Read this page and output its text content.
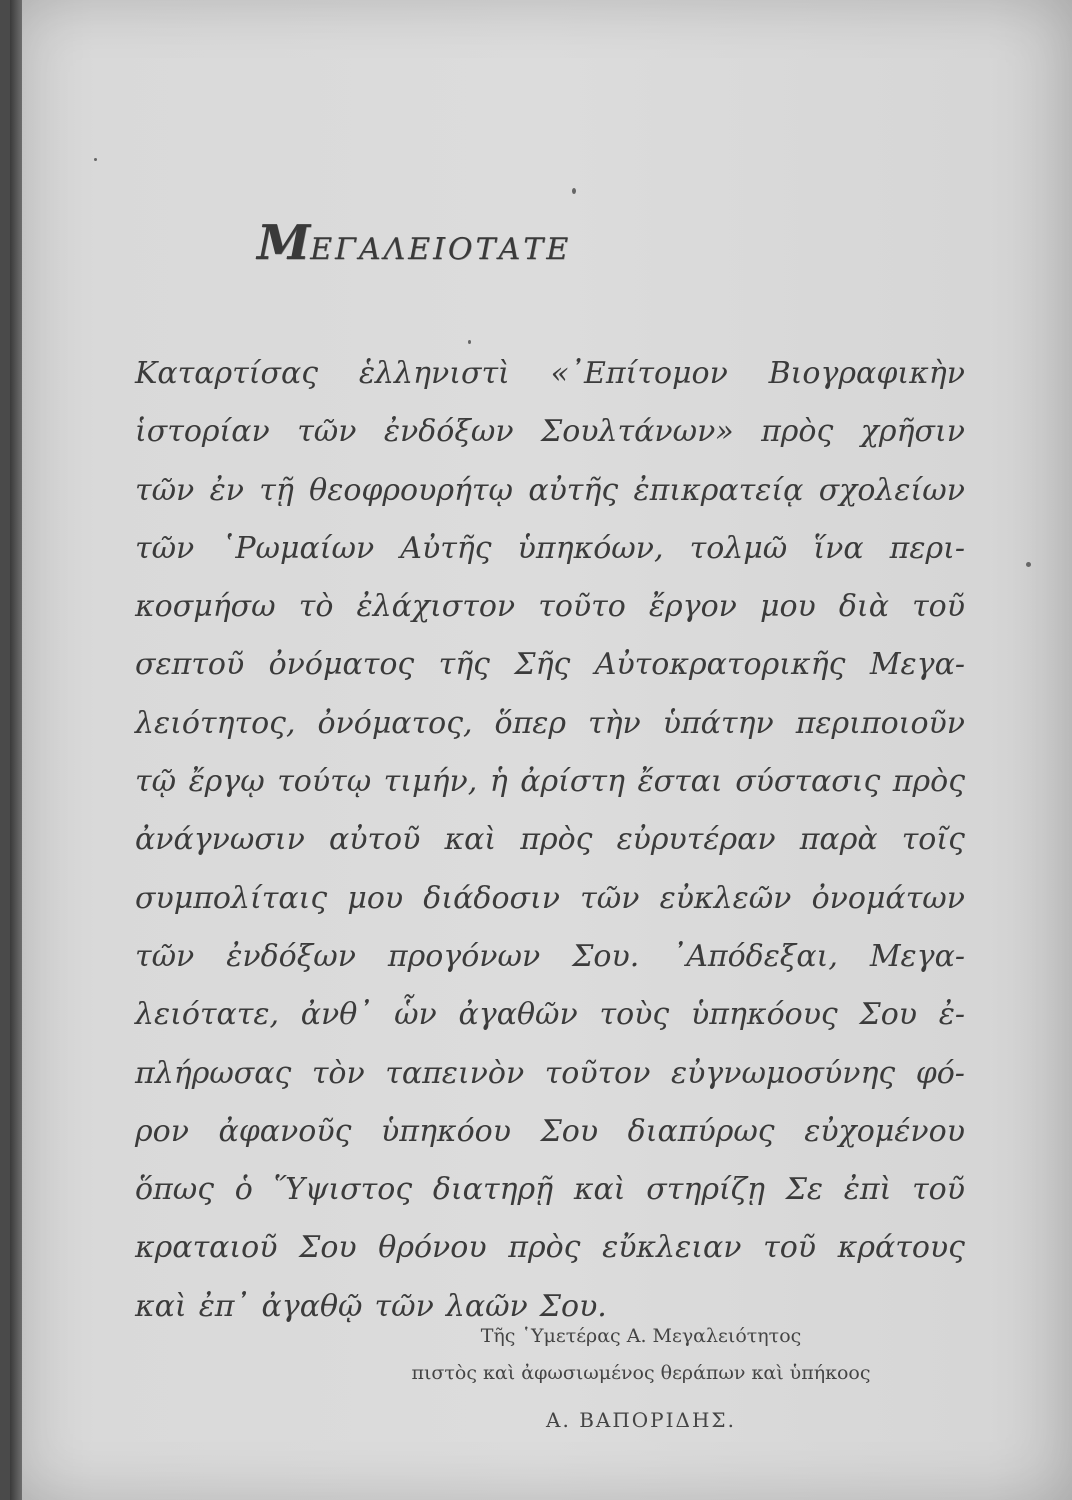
ΜΕΓΑΛΕΙΟΤΑΤΕ
Καταρτίσας ἑλληνιστὶ «᾿Επίτομον Βιογραφικὴν
ἱστορίαν τῶν ἐνδόξων Σουλτάνων» πρὸς χρῆσιν
τῶν ἐν τῇ θεοφρουρήτῳ αὐτῆς ἐπικρατείᾳ σχολείων
τῶν ῾Ρωμαίων Αὐτῆς ὑπηκόων, τολμῶ ἵνα περι-
κοσμήσω τὸ ἐλάχιστον τοῦτο ἔργον μου διὰ τοῦ
σεπτοῦ ὀνόματος τῆς Σῆς Αὐτοκρατορικῆς Μεγα-
λειότητος, ὀνόματος, ὅπερ τὴν ὑπάτην περιποιοῦν
τῷ ἔργῳ τούτῳ τιμήν, ἡ ἀρίστη ἔσται σύστασις πρὸς
ἀνάγνωσιν αὐτοῦ καὶ πρὸς εὐρυτέραν παρὰ τοῖς
συμπολίταις μου διάδοσιν τῶν εὐκλεῶν ὀνομάτων
τῶν ἐνδόξων προγόνων Σου. ᾿Απόδεξαι, Μεγα-
λειότατε, ἀνθ᾿ ὧν ἀγαθῶν τοὺς ὑπηκόους Σου ἐ-
πλήρωσας τὸν ταπεινὸν τοῦτον εὐγνωμοσύνης φό-
ρον ἀφανοῦς ὑπηκόου Σου διαπύρως εὐχομένου
ὅπως ὁ Ὕψιστος διατηρῇ καὶ στηρίζῃ Σε ἐπὶ τοῦ
κραταιοῦ Σου θρόνου πρὸς εὔκλειαν τοῦ κράτους
καὶ ἐπ᾿ ἀγαθῷ τῶν λαῶν Σου.
Τῆς ῾Υμετέρας Α. Μεγαλειότητος
πιστὸς καὶ ἀφωσιωμένος θεράπων καὶ ὑπήκοος
Α. ΒΑΠΟΡΙΔΗΣ.
